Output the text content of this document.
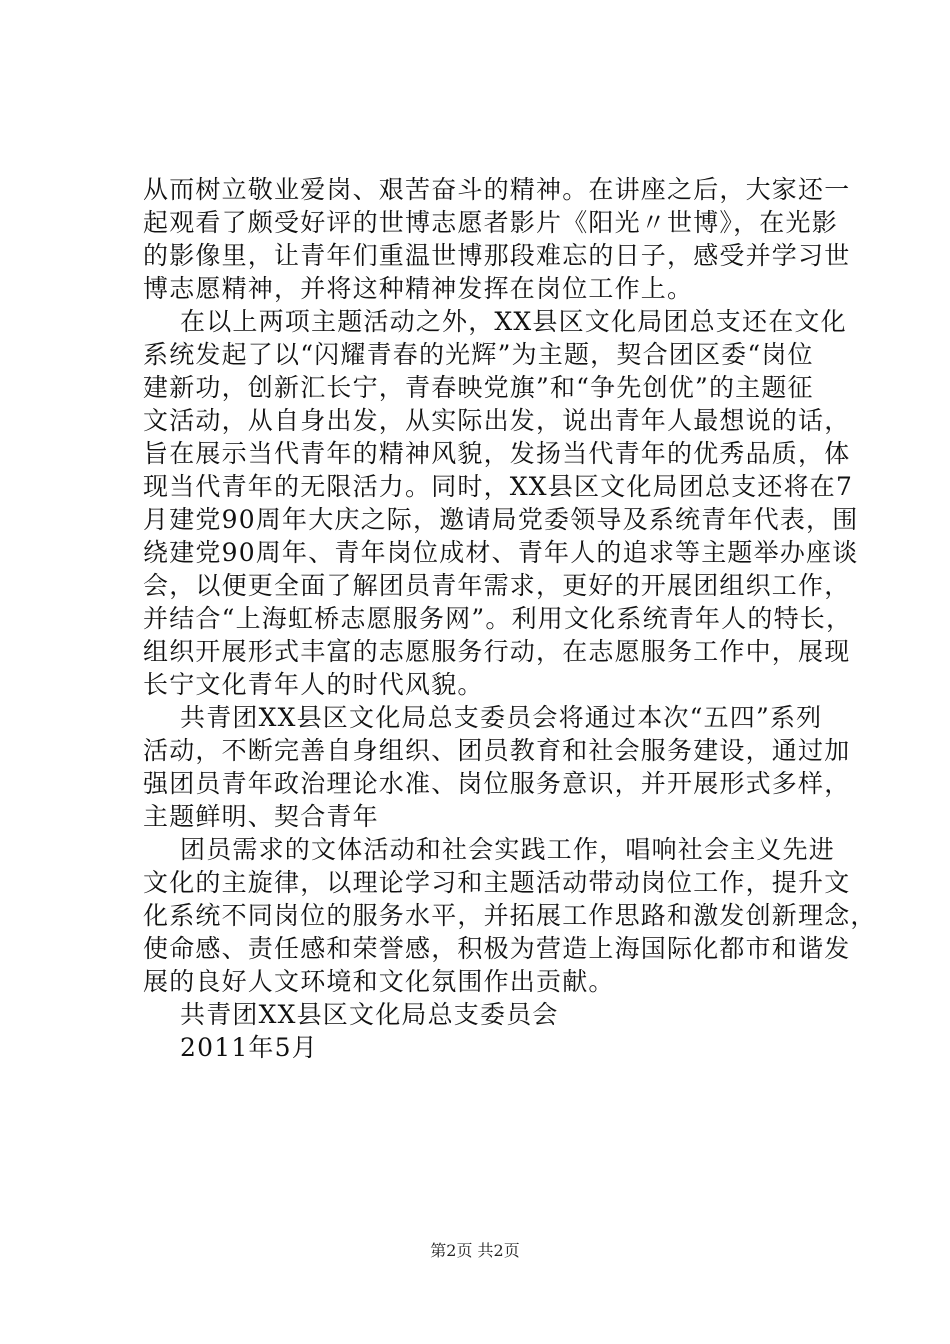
从而树立敬业爱岗、艰苦奋斗的精神。在讲座之后，大家还一
起观看了颇受好评的世博志愿者影片《阳光〃世博》，在光影
的影像里，让青年们重温世博那段难忘的日子，感受并学习世
博志愿精神，并将这种精神发挥在岗位工作上。
在以上两项主题活动之外，XX县区文化局团总支还在文化
系统发起了以“闪耀青春的光辉”为主题，契合团区委“岗位
建新功，创新汇长宁，青春映党旗”和“争先创优”的主题征
文活动，从自身出发，从实际出发，说出青年人最想说的话，
旨在展示当代青年的精神风貌，发扬当代青年的优秀品质，体
现当代青年的无限活力。同时，XX县区文化局团总支还将在7
月建党90周年大庆之际，邀请局党委领导及系统青年代表，围
绕建党90周年、青年岗位成材、青年人的追求等主题举办座谈
会，以便更全面了解团员青年需求，更好的开展团组织工作，
并结合“上海虹桥志愿服务网”。利用文化系统青年人的特长，
组织开展形式丰富的志愿服务行动，在志愿服务工作中，展现
长宁文化青年人的时代风貌。
共青团XX县区文化局总支委员会将通过本次“五四”系列
活动，不断完善自身组织、团员教育和社会服务建设，通过加
强团员青年政治理论水准、岗位服务意识，并开展形式多样，
主题鲜明、契合青年
团员需求的文体活动和社会实践工作，唱响社会主义先进
文化的主旋律，以理论学习和主题活动带动岗位工作，提升文
化系统不同岗位的服务水平，并拓展工作思路和激发创新理念，
使命感、责任感和荣誉感，积极为营造上海国际化都市和谐发
展的良好人文环境和文化氛围作出贡献。
共青团XX县区文化局总支委员会
2011年5月
第2页 共2页
